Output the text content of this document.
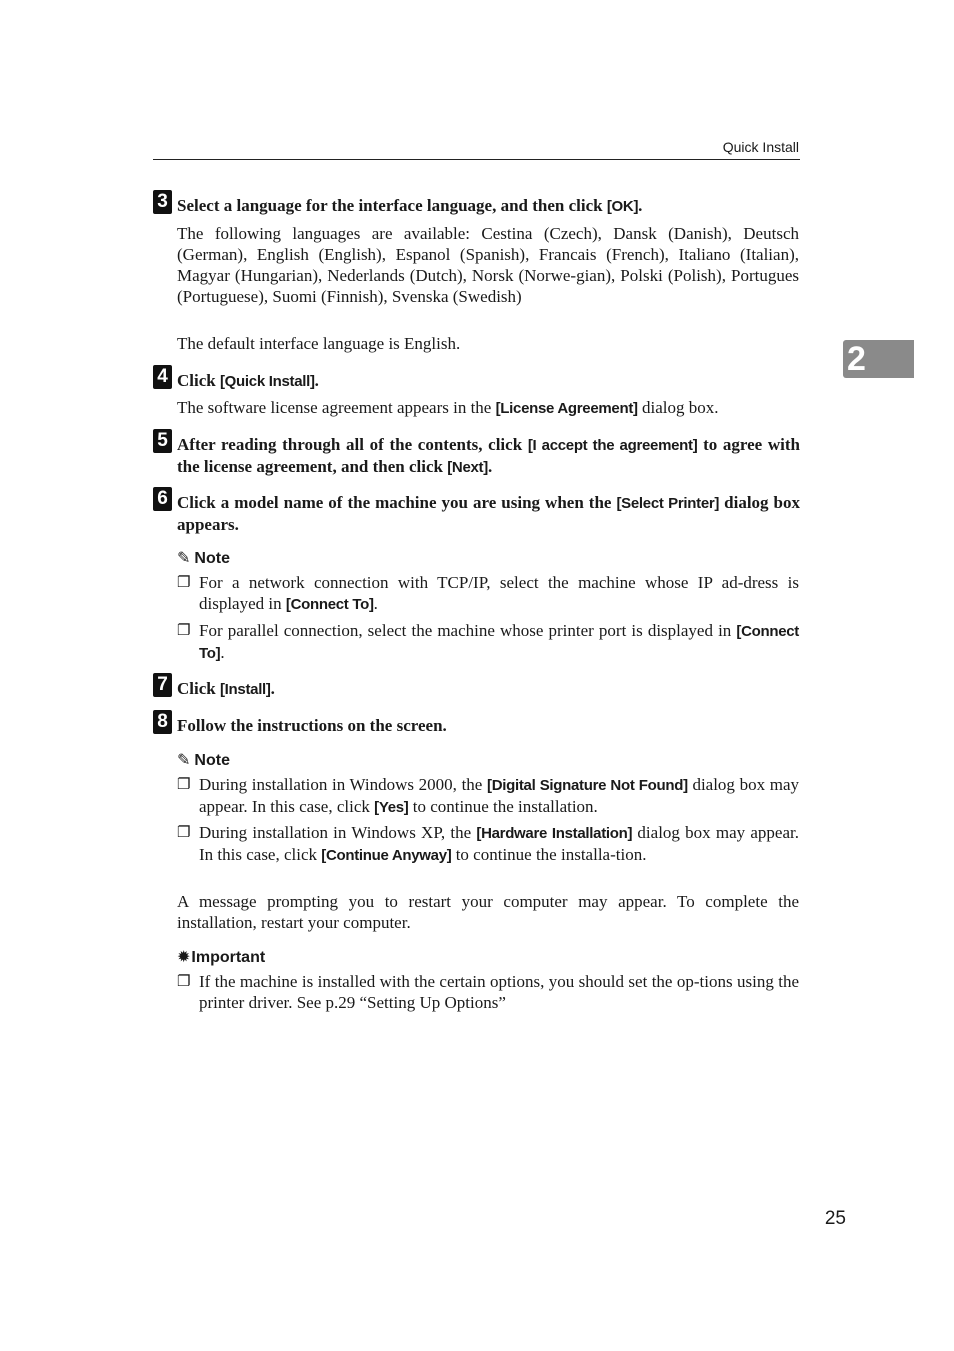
Quick Install
2
3 Select a language for the interface language, and then click [OK].
The following languages are available: Cestina (Czech), Dansk (Danish), Deutsch (German), English (English), Espanol (Spanish), Francais (French), Italiano (Italian), Magyar (Hungarian), Nederlands (Dutch), Norsk (Norwe-gian), Polski (Polish), Portugues (Portuguese), Suomi (Finnish), Svenska (Swedish)
The default interface language is English.
4 Click [Quick Install].
The software license agreement appears in the [License Agreement] dialog box.
5 After reading through all of the contents, click [I accept the agreement] to agree with the license agreement, and then click [Next].
6 Click a model name of the machine you are using when the [Select Printer] dialog box appears.
✎ Note
❐ For a network connection with TCP/IP, select the machine whose IP ad-dress is displayed in [Connect To].
❐ For parallel connection, select the machine whose printer port is displayed in [Connect To].
7 Click [Install].
8 Follow the instructions on the screen.
✎ Note
❐ During installation in Windows 2000, the [Digital Signature Not Found] dialog box may appear. In this case, click [Yes] to continue the installation.
❐ During installation in Windows XP, the [Hardware Installation] dialog box may appear. In this case, click [Continue Anyway] to continue the installa-tion.
A message prompting you to restart your computer may appear. To complete the installation, restart your computer.
✹Important
❐ If the machine is installed with the certain options, you should set the op-tions using the printer driver. See p.29 “Setting Up Options”
25
